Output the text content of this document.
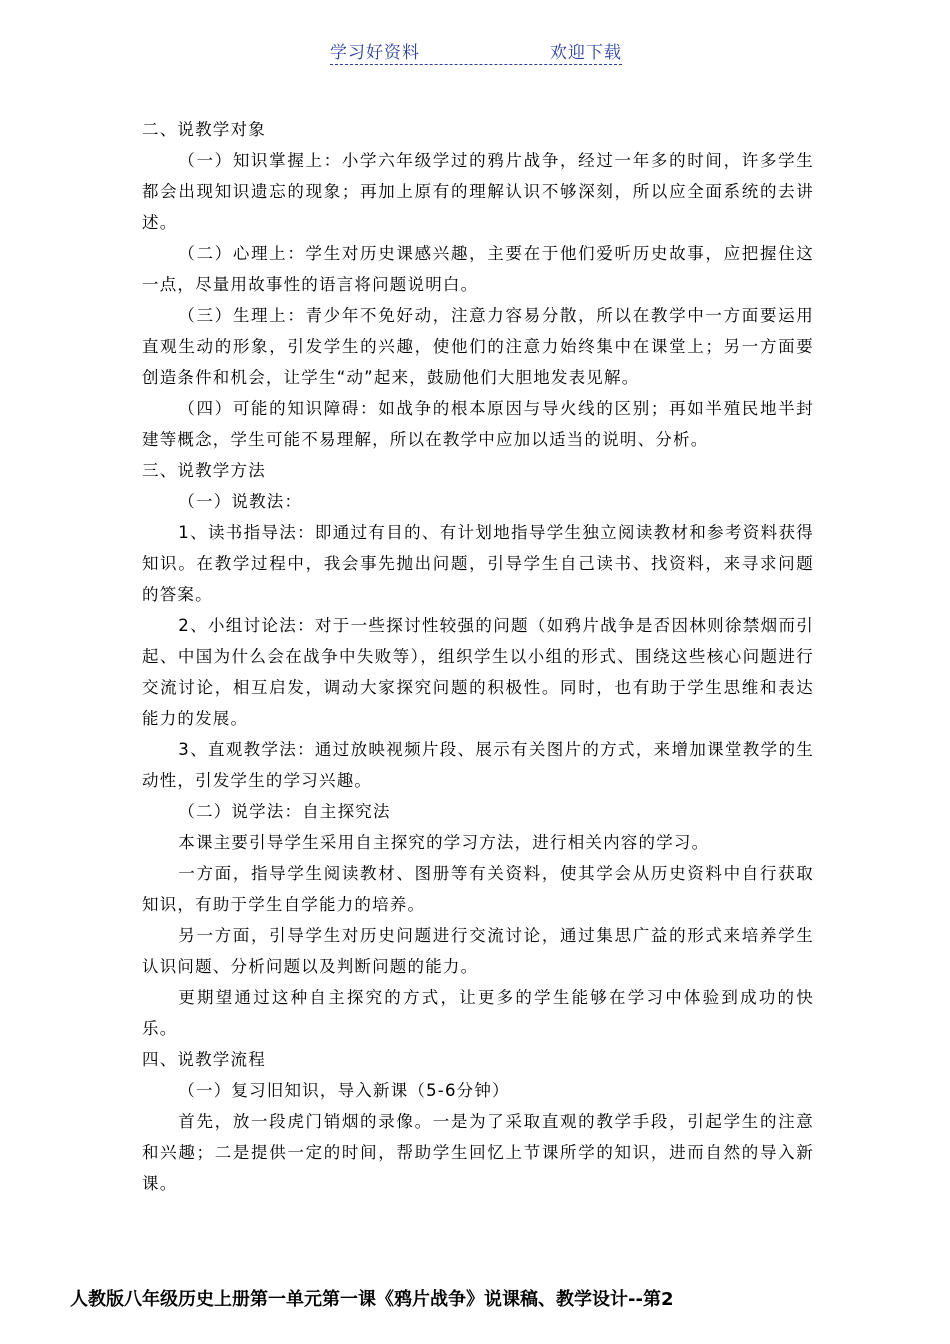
学习好资料	欢迎下载

二、说教学对象

（一）知识掌握上：小学六年级学过的鸦片战争，经过一年多的时间，许多学生都会出现知识遗忘的现象；再加上原有的理解认识不够深刻，所以应全面系统的去讲述。

（二）心理上：学生对历史课感兴趣，主要在于他们爱听历史故事，应把握住这一点，尽量用故事性的语言将问题说明白。

（三）生理上：青少年不免好动，注意力容易分散，所以在教学中一方面要运用直观生动的形象，引发学生的兴趣，使他们的注意力始终集中在课堂上；另一方面要创造条件和机会，让学生“动”起来，鼓励他们大胆地发表见解。

（四）可能的知识障碍：如战争的根本原因与导火线的区别；再如半殖民地半封建等概念，学生可能不易理解，所以在教学中应加以适当的说明、分析。

三、说教学方法

（一）说教法：

1、读书指导法：即通过有目的、有计划地指导学生独立阅读教材和参考资料获得知识。在教学过程中，我会事先抛出问题，引导学生自己读书、找资料，来寻求问题的答案。

2、小组讨论法：对于一些探讨性较强的问题（如鸦片战争是否因林则徐禁烟而引起、中国为什么会在战争中失败等），组织学生以小组的形式、围绕这些核心问题进行交流讨论，相互启发，调动大家探究问题的积极性。同时，也有助于学生思维和表达能力的发展。

3、直观教学法：通过放映视频片段、展示有关图片的方式，来增加课堂教学的生动性，引发学生的学习兴趣。

（二）说学法：自主探究法

本课主要引导学生采用自主探究的学习方法，进行相关内容的学习。

一方面，指导学生阅读教材、图册等有关资料，使其学会从历史资料中自行获取知识，有助于学生自学能力的培养。

另一方面，引导学生对历史问题进行交流讨论，通过集思广益的形式来培养学生认识问题、分析问题以及判断问题的能力。

更期望通过这种自主探究的方式，让更多的学生能够在学习中体验到成功的快乐。

四、说教学流程

（一）复习旧知识，导入新课（5-6分钟）

首先，放一段虎门销烟的录像。一是为了采取直观的教学手段，引起学生的注意和兴趣；二是提供一定的时间，帮助学生回忆上节课所学的知识，进而自然的导入新课。

人教版八年级历史上册第一单元第一课《鸦片战争》说课稿、教学设计--第2
